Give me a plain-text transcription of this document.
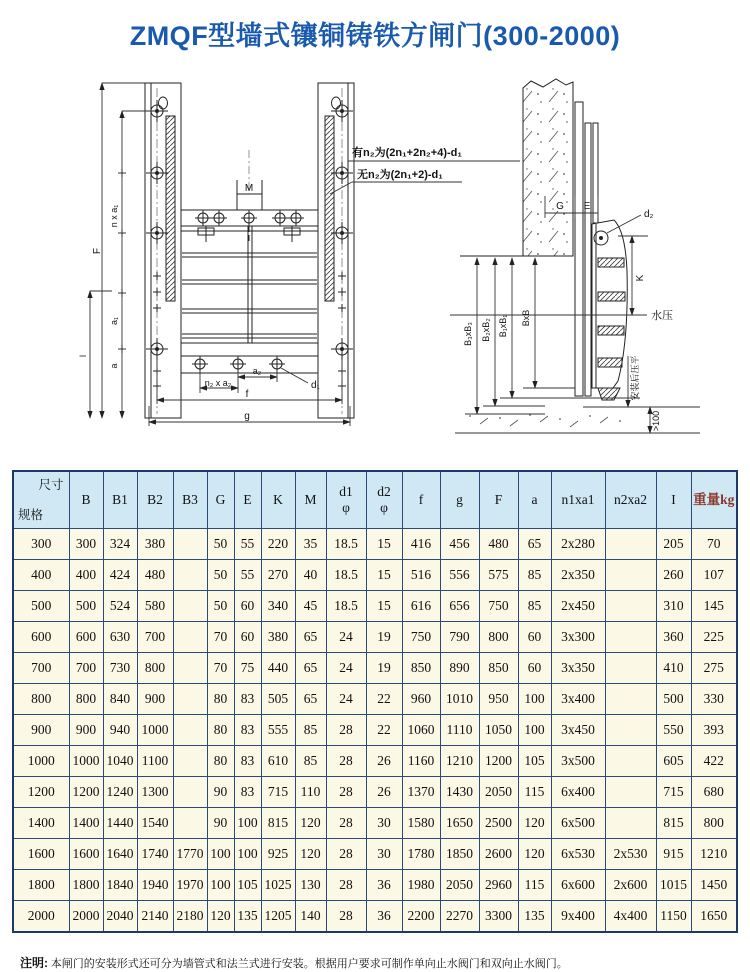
ZMQF型墙式镶铜铸铁方闸门(300-2000)
F
n x a₁
a₁
a
l
M
n₂ x a₂
a₂
d₁
f
g
有n₂为(2n₁+2n₂+4)-d₁
无n₂为(2n₁+2)-d₁
G E
d₂
K
水压
B₃xB₃ B₂xB₂ B₁xB₁ BxB
安装后压平
>100
尺寸
规格

B	B1	B2	B3	G	E	K	M

d1
φ

d2
φ

f	g	F	a	n1xa1	n2xa2	I	重量kg

300	300	324	380		50	55	220	35	18.5	15	416	456	480	65	2x280		205	70
400	400	424	480		50	55	270	40	18.5	15	516	556	575	85	2x350		260	107
500	500	524	580		50	60	340	45	18.5	15	616	656	750	85	2x450		310	145
600	600	630	700		70	60	380	65	24	19	750	790	800	60	3x300		360	225
700	700	730	800		70	75	440	65	24	19	850	890	850	60	3x350		410	275
800	800	840	900		80	83	505	65	24	22	960	1010	950	100	3x400		500	330
900	900	940	1000		80	83	555	85	28	22	1060	1110	1050	100	3x450		550	393
1000	1000	1040	1100		80	83	610	85	28	26	1160	1210	1200	105	3x500		605	422
1200	1200	1240	1300		90	83	715	110	28	26	1370	1430	2050	115	6x400		715	680
1400	1400	1440	1540		90	100	815	120	28	30	1580	1650	2500	120	6x500		815	800
1600	1600	1640	1740	1770	100	100	925	120	28	30	1780	1850	2600	120	6x530	2x530	915	1210
1800	1800	1840	1940	1970	100	105	1025	130	28	36	1980	2050	2960	115	6x600	2x600	1015	1450
2000	2000	2040	2140	2180	120	135	1205	140	28	36	2200	2270	3300	135	9x400	4x400	1150	1650

注明: 本闸门的安装形式还可分为墙管式和法兰式进行安装。根据用户要求可制作单向止水阀门和双向止水阀门。
